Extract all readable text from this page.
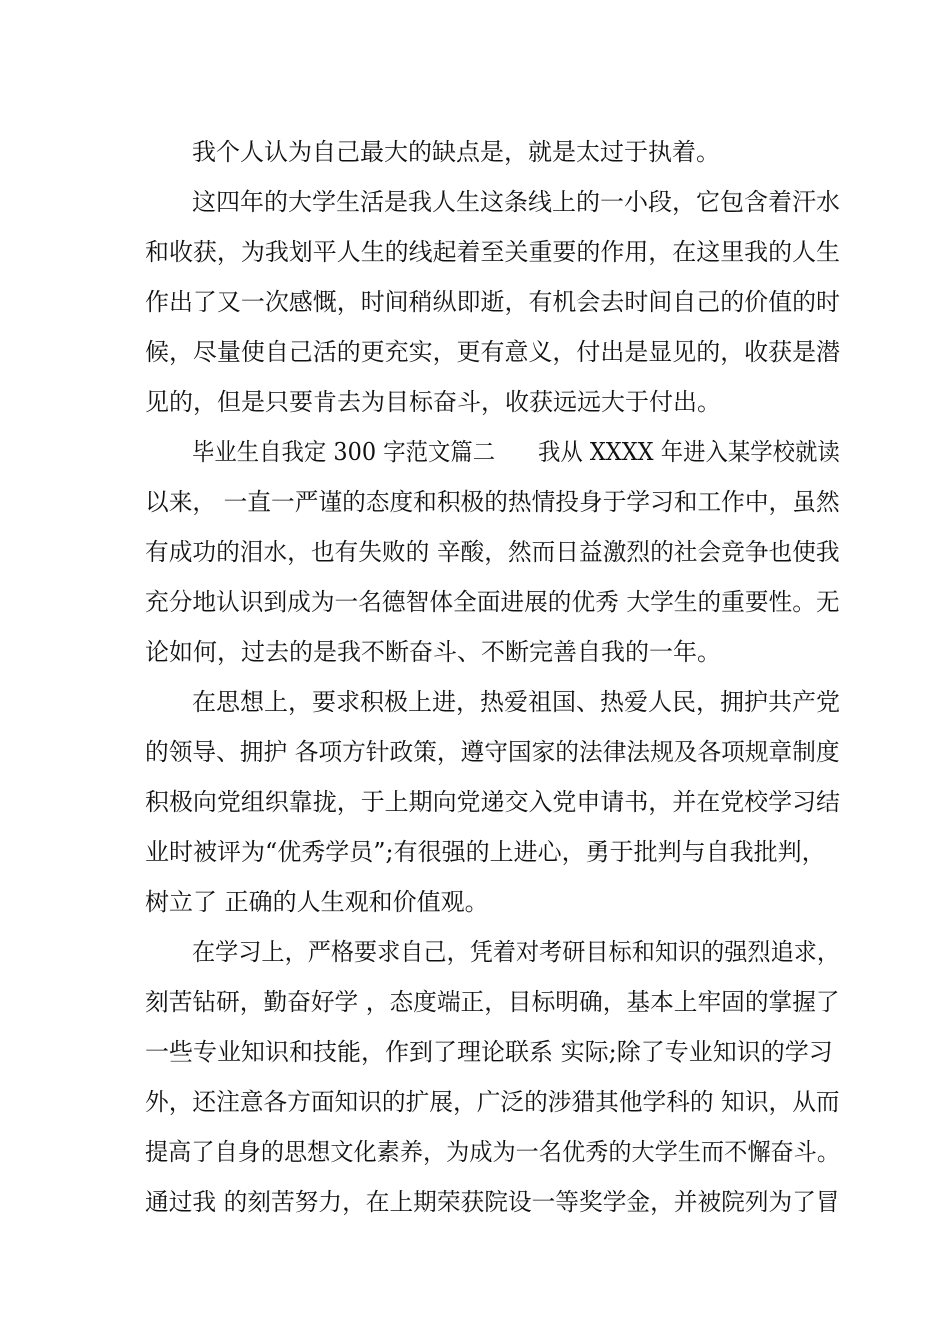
我个人认为自己最大的缺点是，就是太过于执着。

这四年的大学生活是我人生这条线上的一小段，它包含着汗水

和收获，为我划平人生的线起着至关重要的作用，在这里我的人生

作出了又一次感慨，时间稍纵即逝，有机会去时间自己的价值的时

候，尽量使自己活的更充实，更有意义，付出是显见的，收获是潜

见的，但是只要肯去为目标奋斗，收获远远大于付出。

毕业生自我定 300 字范文篇二 我从 XXXX 年进入某学校就读

以来， 一直一严谨的态度和积极的热情投身于学习和工作中，虽然

有成功的泪水，也有失败的 辛酸，然而日益激烈的社会竞争也使我

充分地认识到成为一名德智体全面进展的优秀 大学生的重要性。无

论如何，过去的是我不断奋斗、不断完善自我的一年。

在思想上，要求积极上进，热爱祖国、热爱人民，拥护共产党

的领导、拥护 各项方针政策，遵守国家的法律法规及各项规章制度

积极向党组织靠拢，于上期向党递交入党申请书，并在党校学习结

业时被评为“优秀学员”;有很强的上进心，勇于批判与自我批判，

树立了 正确的人生观和价值观。

在学习上，严格要求自己，凭着对考研目标和知识的强烈追求，

刻苦钻研，勤奋好学 ，态度端正，目标明确，基本上牢固的掌握了

一些专业知识和技能，作到了理论联系 实际;除了专业知识的学习

外，还注意各方面知识的扩展，广泛的涉猎其他学科的 知识，从而

提高了自身的思想文化素养，为成为一名优秀的大学生而不懈奋斗。

通过我 的刻苦努力，在上期荣获院设一等奖学金，并被院列为了冒
